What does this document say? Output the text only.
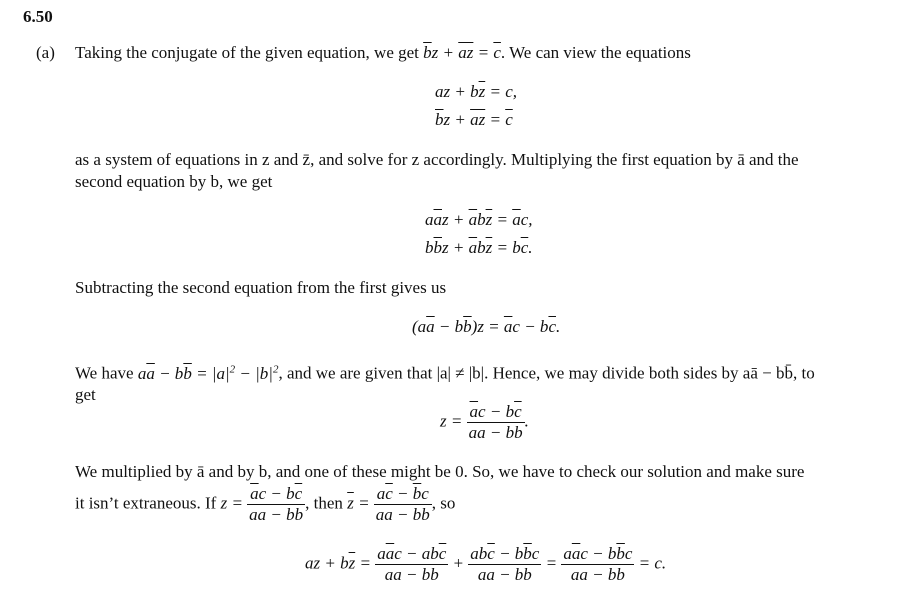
6.50
(a) Taking the conjugate of the given equation, we get $\overline{b}z + \overline{az} = \overline{c}$. We can view the equations
az + $b\overline{z} = c$,
$\overline{b}z + \overline{az} = \overline{c}$
as a system of equations in z and z̄, and solve for z accordingly. Multiplying the first equation by ā and the
second equation by b, we get
$a\overline{a}z + \overline{a}b\overline{z} = \overline{a}c$,
$b\overline{b}z + \overline{a}b\overline{z} = b\overline{c}$.
Subtracting the second equation from the first gives us
$(a\overline{a} - b\overline{b})z = \overline{a}c - b\overline{c}$.
We have $a\overline{a} - b\overline{b} = |a|^2 - |b|^2$, and we are given that |a| ≠ |b|. Hence, we may divide both sides by aā − bb̄, to
get
$z = \frac{\overline{a}c - b\overline{c}}{a\overline{a} - b\overline{b}}$ .
We multiplied by ā and by b, and one of these might be 0. So, we have to check our solution and make sure
it isn’t extraneous. If $z = \frac{\overline{a}c - b\overline{c}}{a\overline{a} - b\overline{b}}$ , then $\overline{z} = \frac{a\overline{c} - \overline{b}c}{a\overline{a} - b\overline{b}}$ , so
az + $b\overline{z} = \frac{a\overline{a}c - ab\overline{c}}{a\overline{a} - b\overline{b}} + \frac{ab\overline{c} - b\overline{b}c}{a\overline{a} - b\overline{b}} = \frac{a\overline{a}c - b\overline{b}c}{a\overline{a} - b\overline{b}} = c$.
